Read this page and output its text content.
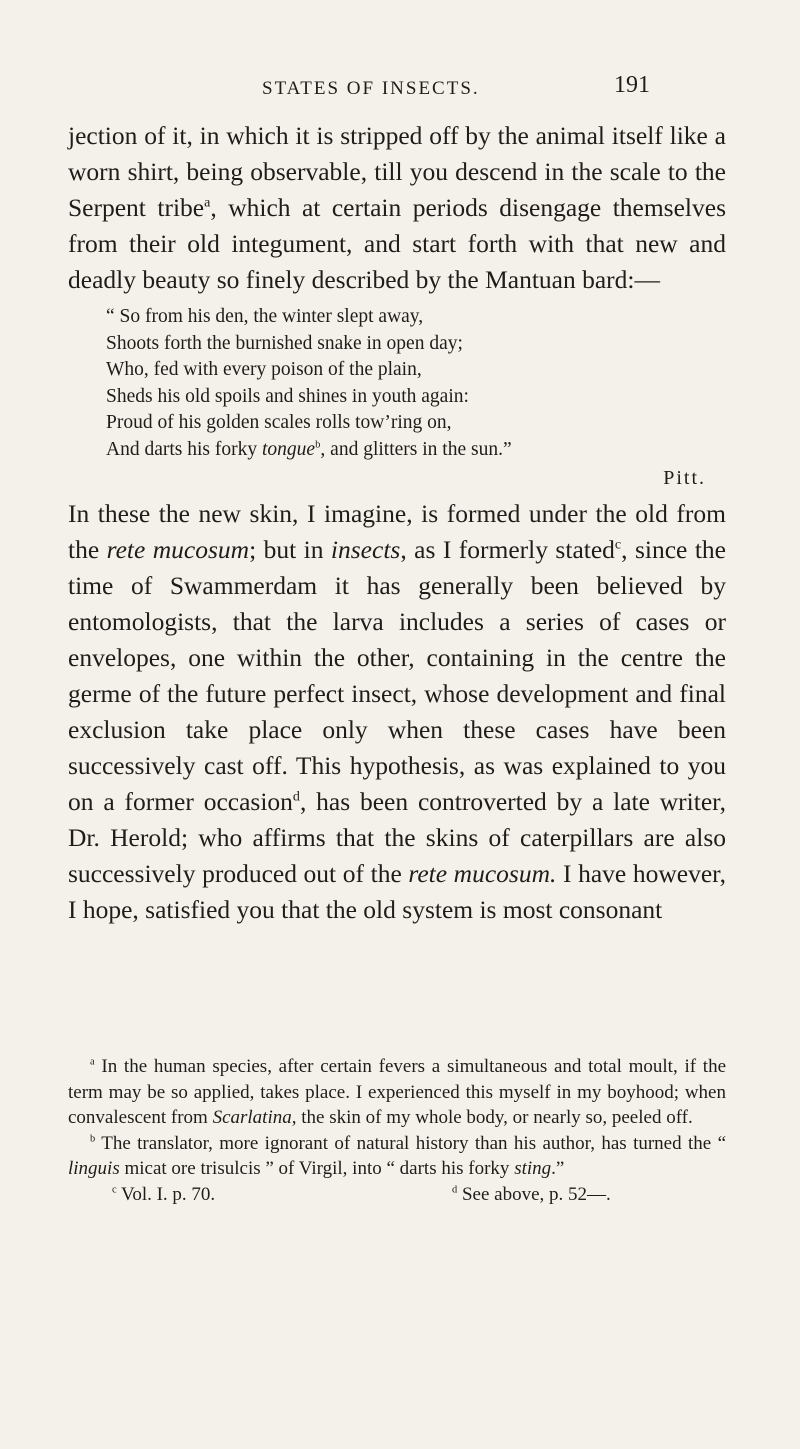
STATES OF INSECTS.	191

jection of it, in which it is stripped off by the animal itself like a worn shirt, being observable, till you descend in the scale to the Serpent tribe$^a$, which at certain periods disengage themselves from their old integument, and start forth with that new and deadly beauty so finely described by the Mantuan bard:—

“ So from his den, the winter slept away,
Shoots forth the burnished snake in open day;
Who, fed with every poison of the plain,
Sheds his old spoils and shines in youth again:
Proud of his golden scales rolls tow’ring on,
And darts his forky tongue$^b$, and glitters in the sun.”
Pitt.

In these the new skin, I imagine, is formed under the old from the rete mucosum; but in insects, as I formerly stated$^c$, since the time of Swammerdam it has generally been believed by entomologists, that the larva includes a series of cases or envelopes, one within the other, containing in the centre the germe of the future perfect insect, whose development and final exclusion take place only when these cases have been successively cast off. This hypothesis, as was explained to you on a former occasion$^d$, has been controverted by a late writer, Dr. Herold; who affirms that the skins of caterpillars are also successively produced out of the rete mucosum. I have however, I hope, satisfied you that the old system is most consonant

$^a$ In the human species, after certain fevers a simultaneous and total moult, if the term may be so applied, takes place. I experienced this myself in my boyhood; when convalescent from Scarlatina, the skin of my whole body, or nearly so, peeled off.

$^b$ The translator, more ignorant of natural history than his author, has turned the “ linguis micat ore trisulcis ” of Virgil, into “ darts his forky sting.”

$^c$ Vol. I. p. 70.	$^d$ See above, p. 52—.
